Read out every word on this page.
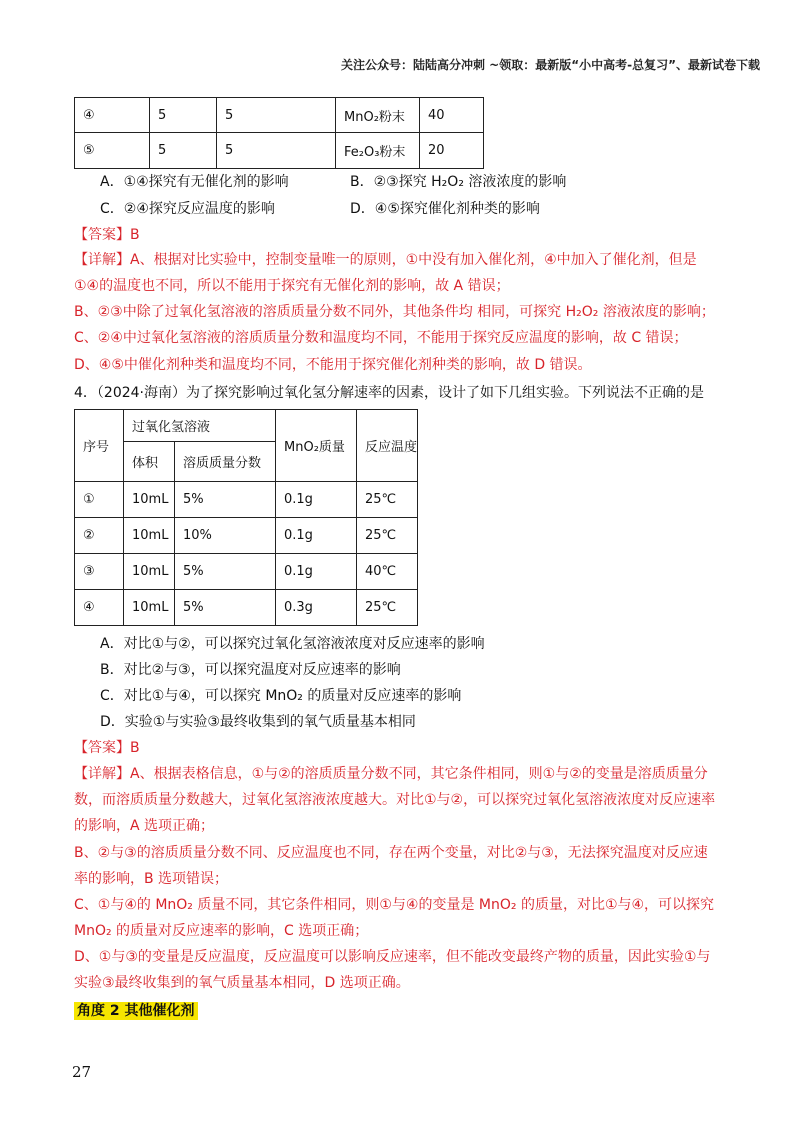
关注公众号：陆陆高分冲刺 ~领取：最新版“小中高考-总复习”、最新试卷下载
④	5	5	MnO₂粉末	40
⑤	5	5	Fe₂O₃粉末	20
A．①④探究有无催化剂的影响	B．②③探究 H₂O₂ 溶液浓度的影响
C．②④探究反应温度的影响	D．④⑤探究催化剂种类的影响
【答案】B
【详解】A、根据对比实验中，控制变量唯一的原则，①中没有加入催化剂，④中加入了催化剂，但是
①④的温度也不同，所以不能用于探究有无催化剂的影响，故 A 错误；
B、②③中除了过氧化氢溶液的溶质质量分数不同外，其他条件均 相同，可探究 H₂O₂ 溶液浓度的影响；
C、②④中过氧化氢溶液的溶质质量分数和温度均不同，不能用于探究反应温度的影响，故 C 错误；
D、④⑤中催化剂种类和温度均不同，不能用于探究催化剂种类的影响，故 D 错误。
4．（2024·海南）为了探究影响过氧化氢分解速率的因素，设计了如下几组实验。下列说法不正确的是
序号	过氧化氢溶液		MnO₂质量	反应温度
	体积	溶质质量分数		
①	10mL	5%	0.1g	25℃
②	10mL	10%	0.1g	25℃
③	10mL	5%	0.1g	40℃
④	10mL	5%	0.3g	25℃
A．对比①与②，可以探究过氧化氢溶液浓度对反应速率的影响
B．对比②与③，可以探究温度对反应速率的影响
C．对比①与④，可以探究 MnO₂ 的质量对反应速率的影响
D．实验①与实验③最终收集到的氧气质量基本相同
【答案】B
【详解】A、根据表格信息，①与②的溶质质量分数不同，其它条件相同，则①与②的变量是溶质质量分
数，而溶质质量分数越大，过氧化氢溶液浓度越大。对比①与②，可以探究过氧化氢溶液浓度对反应速率
的影响，A 选项正确；
B、②与③的溶质质量分数不同、反应温度也不同，存在两个变量，对比②与③，无法探究温度对反应速
率的影响，B 选项错误；
C、①与④的 MnO₂ 质量不同，其它条件相同，则①与④的变量是 MnO₂ 的质量，对比①与④，可以探究
MnO₂ 的质量对反应速率的影响，C 选项正确；
D、①与③的变量是反应温度，反应温度可以影响反应速率，但不能改变最终产物的质量，因此实验①与
实验③最终收集到的氧气质量基本相同，D 选项正确。
角度 2 其他催化剂
27
